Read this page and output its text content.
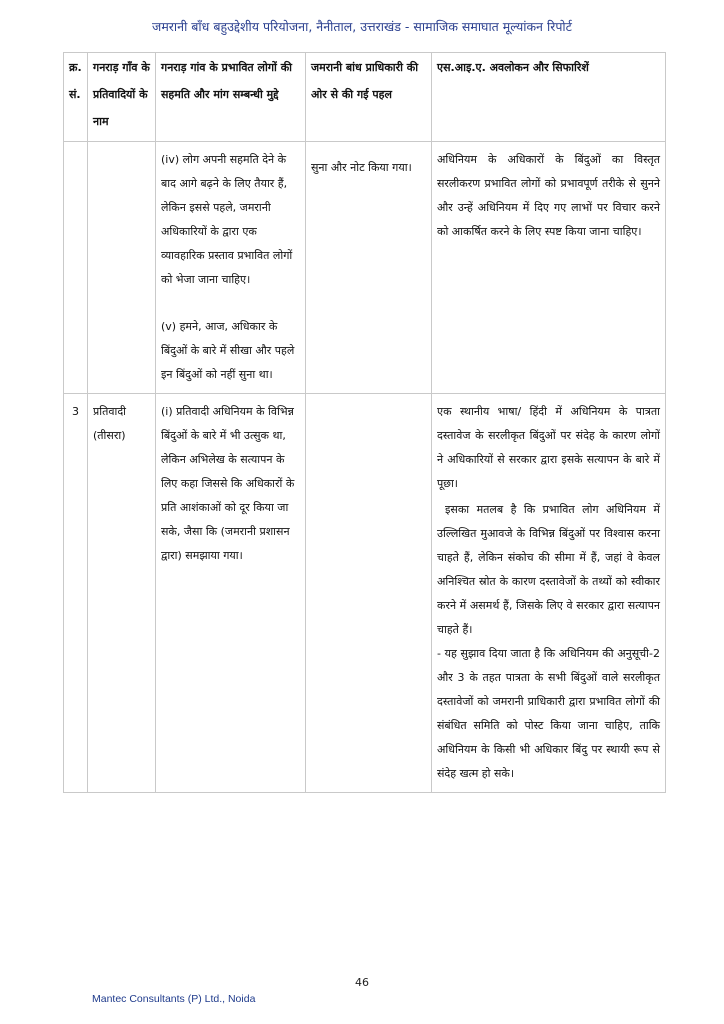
जमरानी बाँध बहुउद्देशीय परियोजना, नैनीताल, उत्तराखंड - सामाजिक समाघात मूल्यांकन रिपोर्ट
क्र. सं.	गनराड़ गाँव के प्रतिवादियों के नाम	गनराड़ गांव के प्रभावित लोगों की सहमति और मांग सम्बन्धी मुद्दे	जमरानी बांध प्राधिकारी की ओर से की गई पहल	एस.आइ.ए. अवलोकन और सिफारिशें

		(iv) लोग अपनी सहमति देने के बाद आगे बढ़ने के लिए तैयार हैं, लेकिन इससे पहले, जमरानी अधिकारियों के द्वारा एक व्यावहारिक प्रस्ताव प्रभावित लोगों को भेजा जाना चाहिए।

(v) हमने, आज, अधिकार के बिंदुओं के बारे में सीखा और पहले इन बिंदुओं को नहीं सुना था।	सुना और नोट किया गया।	अधिनियम के अधिकारों के बिंदुओं का विस्तृत सरलीकरण प्रभावित लोगों को प्रभावपूर्ण तरीके से सुनने और उन्हें अधिनियम में दिए गए लाभों पर विचार करने को आकर्षित करने के लिए स्पष्ट किया जाना चाहिए।

3	प्रतिवादी (तीसरा)	(i) प्रतिवादी अधिनियम के विभिन्न बिंदुओं के बारे में भी उत्सुक था, लेकिन अभिलेख के सत्यापन के लिए कहा जिससे कि अधिकारों के प्रति आशंकाओं को दूर किया जा सके, जैसा कि (जमरानी प्रशासन द्वारा) समझाया गया।		एक स्थानीय भाषा/ हिंदी में अधिनियम के पात्रता दस्तावेज के सरलीकृत बिंदुओं पर संदेह के कारण लोगों ने अधिकारियों से सरकार द्वारा इसके सत्यापन के बारे में पूछा।

इसका मतलब है कि प्रभावित लोग अधिनियम में उल्लिखित मुआवजे के विभिन्न बिंदुओं पर विश्वास करना चाहते हैं, लेकिन संकोच की सीमा में हैं, जहां वे केवल अनिश्चित स्रोत के कारण दस्तावेजों के तथ्यों को स्वीकार करने में असमर्थ हैं, जिसके लिए वे सरकार द्वारा सत्यापन चाहते हैं।

- यह सुझाव दिया जाता है कि अधिनियम की अनुसूची-2 और 3 के तहत पात्रता के सभी बिंदुओं वाले सरलीकृत दस्तावेजों को जमरानी प्राधिकारी द्वारा प्रभावित लोगों की संबंधित समिति को पोस्ट किया जाना चाहिए, ताकि अधिनियम के किसी भी अधिकार बिंदु पर स्थायी रूप से संदेह खत्म हो सके।

46
Mantec Consultants (P) Ltd., Noida
